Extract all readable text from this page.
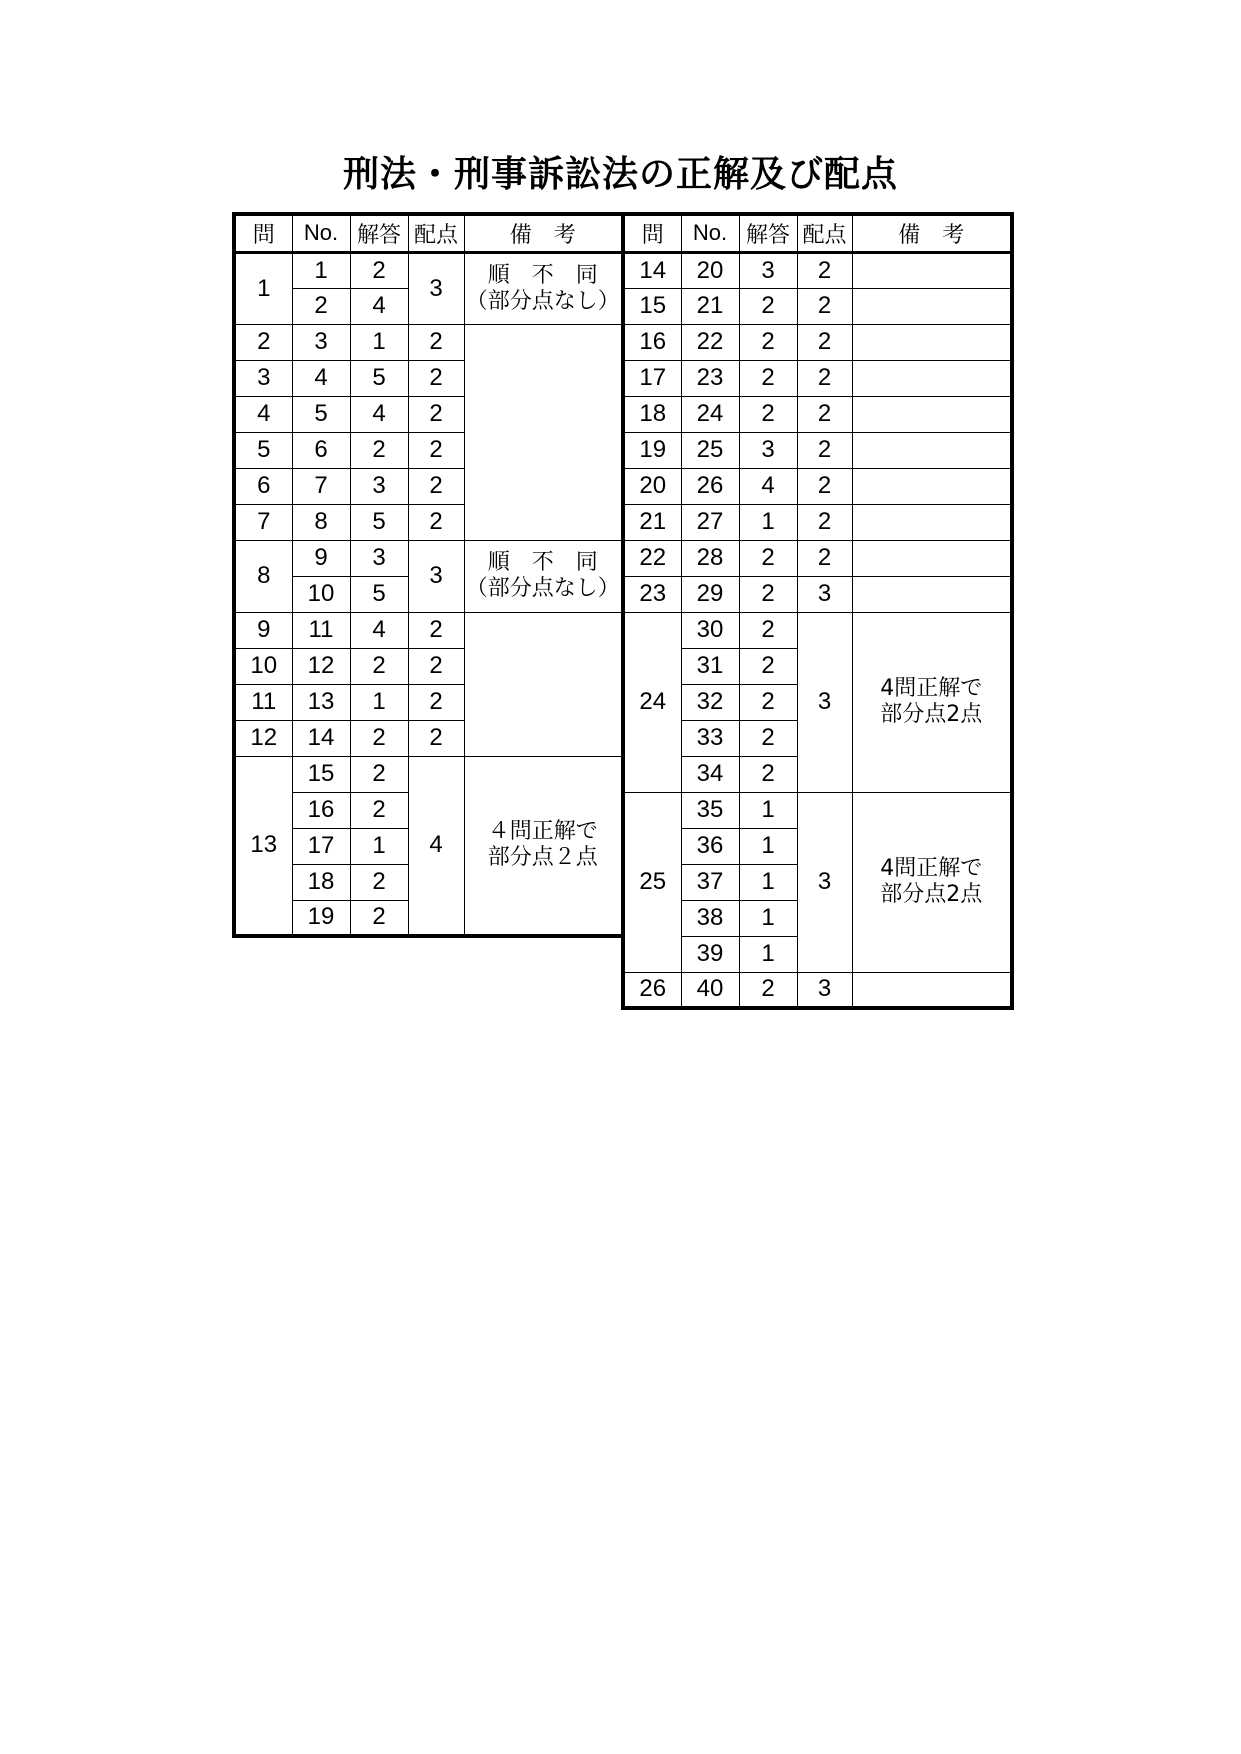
刑法・刑事訴訟法の正解及び配点
問	No.	解答	配点	備　考
1	1	2	3	順　不　同
（部分点なし）

	2	4		
2	3	1	2	
3	4	5	2	
4	5	4	2	
5	6	2	2	
6	7	3	2	
7	8	5	2	
8	9	3	3	順　不　同
（部分点なし）

	10	5		
9	11	4	2	
10	12	2	2	
11	13	1	2	
12	14	2	2	
13	15	2	4	４問正解で
部分点２点

	16	2		
	17	1		
	18	2		
	19	2		
問	No.	解答	配点	備　考
14	20	3	2	
15	21	2	2	
16	22	2	2	
17	23	2	2	
18	24	2	2	
19	25	3	2	
20	26	4	2	
21	27	1	2	
22	28	2	2	
23	29	2	3	
24	30	2	3	4問正解で
部分点2点

	31	2		
	32	2		
	33	2		
	34	2		
25	35	1	3	4問正解で
部分点2点

	36	1		
	37	1		
	38	1		
	39	1		
26	40	2	3	
